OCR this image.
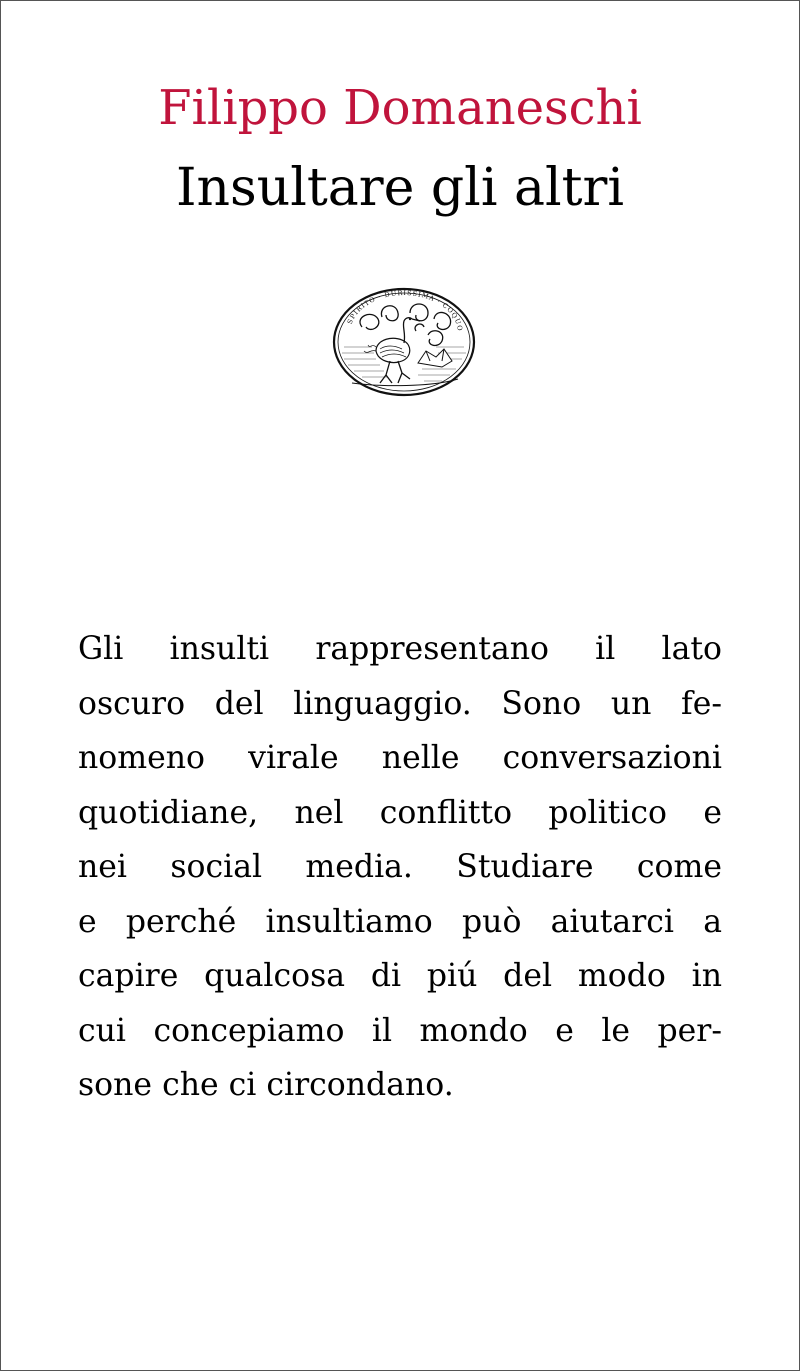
Filippo Domaneschi
Insultare gli altri
SPIRITO · DURISSIMA · COQUO

Gli insulti rappresentano il lato
oscuro del linguaggio. Sono un fe-
nomeno virale nelle conversazioni
quotidiane, nel conflitto politico e
nei social media. Studiare come
e perché insultiamo può aiutarci a
capire qualcosa di piú del modo in
cui concepiamo il mondo e le per-
sone che ci circondano.
